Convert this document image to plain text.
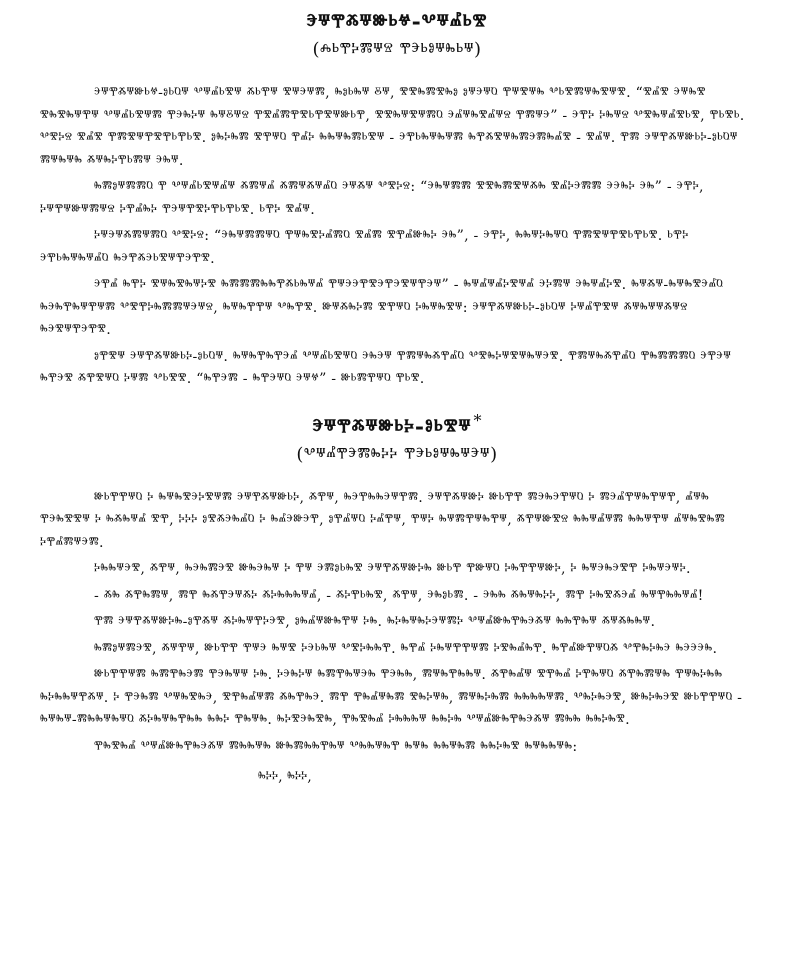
ⰵⱋⰹⰶⱋⱆⱃⱍ-ⰲⱋⰼⱃⰺ
(ⰾⱃⰹⰽⰿⱋⱄ ⰹⰵⱃⱁⱋⰸⱃⱋ)

ⰵⱋⰹⰶⱋⱆⱃⱍ-ⱁⱃⱒⱋ ⰲⱋⰼⱃⰺⱋ ⰶⱃⰹⱋ ⰺⱋⰵⱋⰿ, ⰸⱁⱃⰸⱋ ⰻⱋ, ⰺⰺⰸⰿⰺⰸⱁ ⱁⱋⰵⱋⱒ ⰹⱋⰺⱋⰸ ⰲⱃⰺⰿⱋⰸⰺⱋⰺ. “ⰺⰼⰺ ⰵⱋⰸⰺ ⰺⰸⰺⰸⱋⰹⱋ ⰲⱋⰼⱃⰺⱋⰿ ⰹⰵⰸⰽⱋ ⰸⱋⰻⱋⱄ ⰹⰺⰼⰿⰹⰺⱃⰹⰺⱋⱆⱃⰹ, ⰺⰺⰸⱋⰺⱋⰿⱒ ⰵⰼⱋⰸⰺⰼⱋⱄ ⰹⰿⱋⰵ” - ⰵⰹⰽ ⰽⰸⱋⱄ ⰲⰺⰸⱋⰼⰺⱃⰺ, ⰹⱃⰺⱃ. ⰲⰺⰽⱄ ⰺⰼⰺ ⰹⰿⰺⱋⰹⰺⰹⱃⰹⱃⰺ. ⱁⰸⰽⰸⰿ ⰺⰹⱋⱒ ⰹⰼⰽ ⰸⰸⱋⰸⰿⱃⰺⱋ - ⰵⰹⱃⰸⱋⰸⱋⰿ ⰸⰹⰶⰺⱋⰸⰿⰵⰿⰸⰼⰺ - ⰺⰼⱋ. ⰹⰿ ⰵⱋⰹⰶⱋⱆⱃⰽ-ⱁⱃⱒⱋ ⰿⱋⰸⱋⰸ ⰶⱋⰸⰽⰹⱃⰿⱋ ⰵⰸⱋ.

ⰸⰿⱁⱋⰿⰿⱒ ⰹ ⰲⱋⰼⱃⰺⱋⰼⱋ ⰶⰿⱋⰼ ⰶⰿⱋⰶⱋⰼⱒ ⰵⱋⰶⱋ ⰲⰺⰽⱄ: “ⰵⰸⱋⰿⰿ ⰺⰺⰸⰿⰺⱋⰶⰸ ⰺⰼⰽⰵⰿⰿ ⰵⰵⰸⰽ ⰵⰸ” - ⰵⰹⰽ, ⰽⱋⰹⱋⱆⱋⰿⱋⱄ ⰽⰹⰼⰸⰽ ⰹⰵⱋⰹⰺⰽⰹⱃⰹⱃⰺ. ⱃⰹⰽ ⰺⰼⱋ.

ⰽⱋⰵⱋⰶⰿⱋⰿⱒ ⰲⰺⰽⱄ: “ⰵⰸⱋⰿⰿⱋⱒ ⰹⱋⰸⰺⰽⰼⰿⱒ ⰺⰼⰿ ⰺⰹⰼⱆⰸⰽ ⰵⰸ”, - ⰵⰹⰽ, ⰸⰸⱋⰽⰸⱋⱒ ⰹⰿⰺⱋⰹⰺⱃⰹⱃⰺ. ⱃⰹⰽ ⰵⰹⱃⰸⱋⰸⱋⰼⱒ ⰸⰵⰹⰶⰵⱃⰺⱋⰹⰵⰹⰺ.

ⰵⰹⰼ ⰸⰹⰽ ⰺⱋⰸⰺⰸⱋⰽⰺ ⰸⰿⰿⰿⰸⰸⰹⰶⱃⰸⱋⰼ ⰹⱋⰵⰵⰹⰺⰵⰹⰵⰺⱋⰹⰵⱋ” - ⰸⱋⰼⱋⰼⰽⰺⱋⰼ ⰵⰽⰿⱋ ⰵⰸⱋⰼⰽⰺ. ⰸⱋⰶⱋ-ⰸⱋⰸⰺⰵⰼⱒ ⰸⰵⰸⰹⰸⱋⰹⱋⰿ ⰲⰺⰹⰽⰸⰿⰿⱋⰵⱋⱄ, ⰸⱋⰸⰹⰹⱋ ⰲⰸⰹⰺ. ⱆⱋⰶⰸⰽⰿ ⰺⰹⱋⱒ ⰽⰸⱋⰸⰺⱋ: ⰵⱋⰹⰶⱋⱆⱃⰽ-ⱁⱃⱒⱋ ⰽⱋⰼⰹⰺⱋ ⰶⱋⰸⱋⱋⰶⱋⱄ ⰸⰵⰺⱋⰹⰵⰹⰺ.

ⱁⰹⰺⱋ ⰵⱋⰹⰶⱋⱆⱃⰽ-ⱁⱃⱒⱋ. ⰸⱋⰸⰹⰸⰹⰵⰼ ⰲⱋⰼⱃⰺⱋⱒ ⰵⰸⰵⱋ ⰹⰿⱋⰸⰶⰹⰼⱒ ⰲⰺⰸⰽⱋⰺⱋⰸⱋⰵⰺ. ⰹⰿⱋⰸⰶⰹⰼⱒ ⰹⰸⰿⰿⰿⱒ ⰵⰹⰵⱋ ⰸⰹⰵⰺ ⰶⰹⰺⱋⱒ ⰽⱋⰿ ⰲⱃⰺⰺ. “ⰸⰹⰵⰿ - ⰸⰹⰵⱋⱒ ⰵⱋⱍ” - ⱆⱃⰿⰹⱋⱒ ⰹⱃⰺ.

ⰵⱋⰹⰶⱋⱆⱃⰽ-ⱁⱃⰺⱋ *
(ⰲⱋⰼⰹⰵⰿⰸⰽⰽ ⰹⰵⱃⱁⱋⰸⱋⰵⱋ)

ⱆⱃⰹⰹⱋⱒ ⰽ ⰸⱋⰸⰺⰵⰽⰺⱋⰿ ⰵⱋⰹⰶⱋⱆⱃⰽ, ⰶⰹⱋ, ⰸⰵⰹⰸⰸⰵⱋⰹⰿ. ⰵⱋⰹⰶⱋⱆⰽ ⱆⱃⰹⰹ ⰿⰵⰸⰵⰹⱋⱒ ⰽ ⰿⰵⰼⰹⱋⰸⰹⱋⰹ, ⰼⱋⰸ ⰹⰵⰸⰺⰺⱋ ⰽ ⰸⰶⰸⱋⰼ ⰺⰹ, ⰽⰽⰽ ⱁⰺⰶⰵⰸⰼⱒ ⰽ ⰸⰼⰵⱆⰵⰹ, ⱁⰹⰼⱋⱒ ⰽⰼⰹⱋ, ⰹⱋⰽ ⰸⱋⰿⰹⱋⰸⰹⱋ, ⰶⰹⱋⱆⰺⱄ ⰸⰸⱋⰼⱋⰿ ⰸⰸⱋⰹⱋ ⰼⱋⰸⰺⰸⰿ ⰽⰹⰼⰿⱋⰵⰿ.

ⰽⰸⰸⱋⰵⰺ, ⰶⰹⱋ, ⰸⰵⰸⰿⰵⰺ ⱆⰸⰵⰸⱋ ⰽ ⰹⱋ ⰵⰿⱁⱃⰸⰺ ⰵⱋⰹⰶⱋⱆⰽⰸ ⱆⱃⰹ ⰹⱆⱋⱒ ⰽⰸⰹⰹⱋⱆⰽ, ⰽ ⰸⱋⰵⰸⰵⰺⰹ ⰽⰸⱋⰵⱋⰽ.

- ⰶⰸ ⰶⰹⰸⰿⱋ, ⰿⰹ ⰸⰶⰹⰵⱋⰶⰽ ⰶⰽⰸⰸⰸⱋⰼ, - ⰶⰽⰹⱃⰸⰺ, ⰶⰹⱋ, ⰵⰸⱁⱃⰿ. - ⰵⰸⰸ ⰶⰸⱋⰸⰽⰽ, ⰿⰹ ⰽⰸⰺⰶⰵⰼ ⰸⱋⰹⰸⰸⱋⰼ!

ⰹⰿ ⰵⱋⰹⰶⱋⱆⰽⰸ-ⱁⰹⰶⱋ ⰶⰽⰸⱋⰹⰽⰵⰺ, ⱁⰸⰼⱋⱆⰸⰹⱋ ⰽⰸ. ⰸⰽⰸⱋⰸⰽⰵⱋⰿⰽ ⰲⱋⰼⱆⰸⰹⰸⰵⰶⱋ ⰸⰸⰹⰸⱋ ⰶⱋⰶⰸⰸⱋ.

ⰸⰿⱁⱋⰿⰵⰺ, ⰶⱋⰹⱋ, ⱆⱃⰹⰹ ⰹⱋⰵ ⰸⱋⰺ ⰽⰵⱃⰸⱋ ⰲⰺⰽⰸⰸⰹ. ⰸⰹⰼ ⰽⰸⱋⰹⰹⱋⰿ ⰽⰺⰸⰼⰸⰹ. ⰸⰹⰼⱆⰹⱋⱒⰶ ⰲⰹⰸⰽⰸⰵ ⰸⰵⰵⰵⰸ.

ⱆⱃⰹⰹⱋⰿ ⰸⰿⰹⰸⰵⰿ ⰹⰵⰸⱋⱋ ⰽⰸ. ⰽⰵⰸⰽⱋ ⰸⰿⰹⰸⱋⰵⰸ ⰹⰵⰸⰸ, ⰿⱋⰸⰹⰸⰸⱋ. ⰶⰹⰸⰼⱋ ⰺⰹⰸⰼ ⰽⰹⰸⱋⱒ ⰶⰹⰸⰿⱋⰸ ⰹⱋⰸⰽⰸⰸ ⰸⰽⰸⰸⱋⰹⰶⱋ. ⰽ ⰹⰵⰸⰿ ⰲⱋⰸⰺⰸⰵ, ⰺⰹⰸⰼⱋⰿ ⰶⰸⰹⰸⰵ. ⰿⰹ ⰹⰸⰼⱋⰸⰿ ⰺⰸⰽⱋⰸ, ⰿⱋⰸⰽⰸⰿ ⰸⰸⰸⰸⱋⰿ. ⰲⰸⰽⰸⰵⰺ, ⱆⰸⰽⰸⰵⰺ ⱆⱃⰹⰹⱋⱒ - ⰸⱋⰸⱋ-ⰿⰸⰸⱋⰸⱋⱒ ⰶⰽⰸⱋⰸⰹⰸⰸ ⰸⰸⰽ ⰹⰸⱋⰸ. ⰸⰽⰺⰵⰸⰺⰸ, ⰹⰸⰺⰸⰼ ⰽⰸⰸⰸⱋ ⰸⰸⰽⰸ ⰲⱋⰼⱆⰸⰹⰸⰵⰶⱋ ⰿⰸⰸ ⰸⰸⰽⰸⰺ.

ⰹⰸⰺⰸⰼ ⰲⱋⰼⱆⰸⰹⰸⰵⰶⱋ ⰿⰸⰸⱋⰸ ⱆⰸⰿⰸⰸⰹⰸⱋ ⰲⰸⰸⱋⰸⰹ ⰸⱋⰸ ⰸⰸⱋⰸⰿ ⰸⰸⰽⰸⰺ ⰸⱋⰸⰸⱋⰸ:

ⰸⰽⰽ, ⰸⰽⰽ,
